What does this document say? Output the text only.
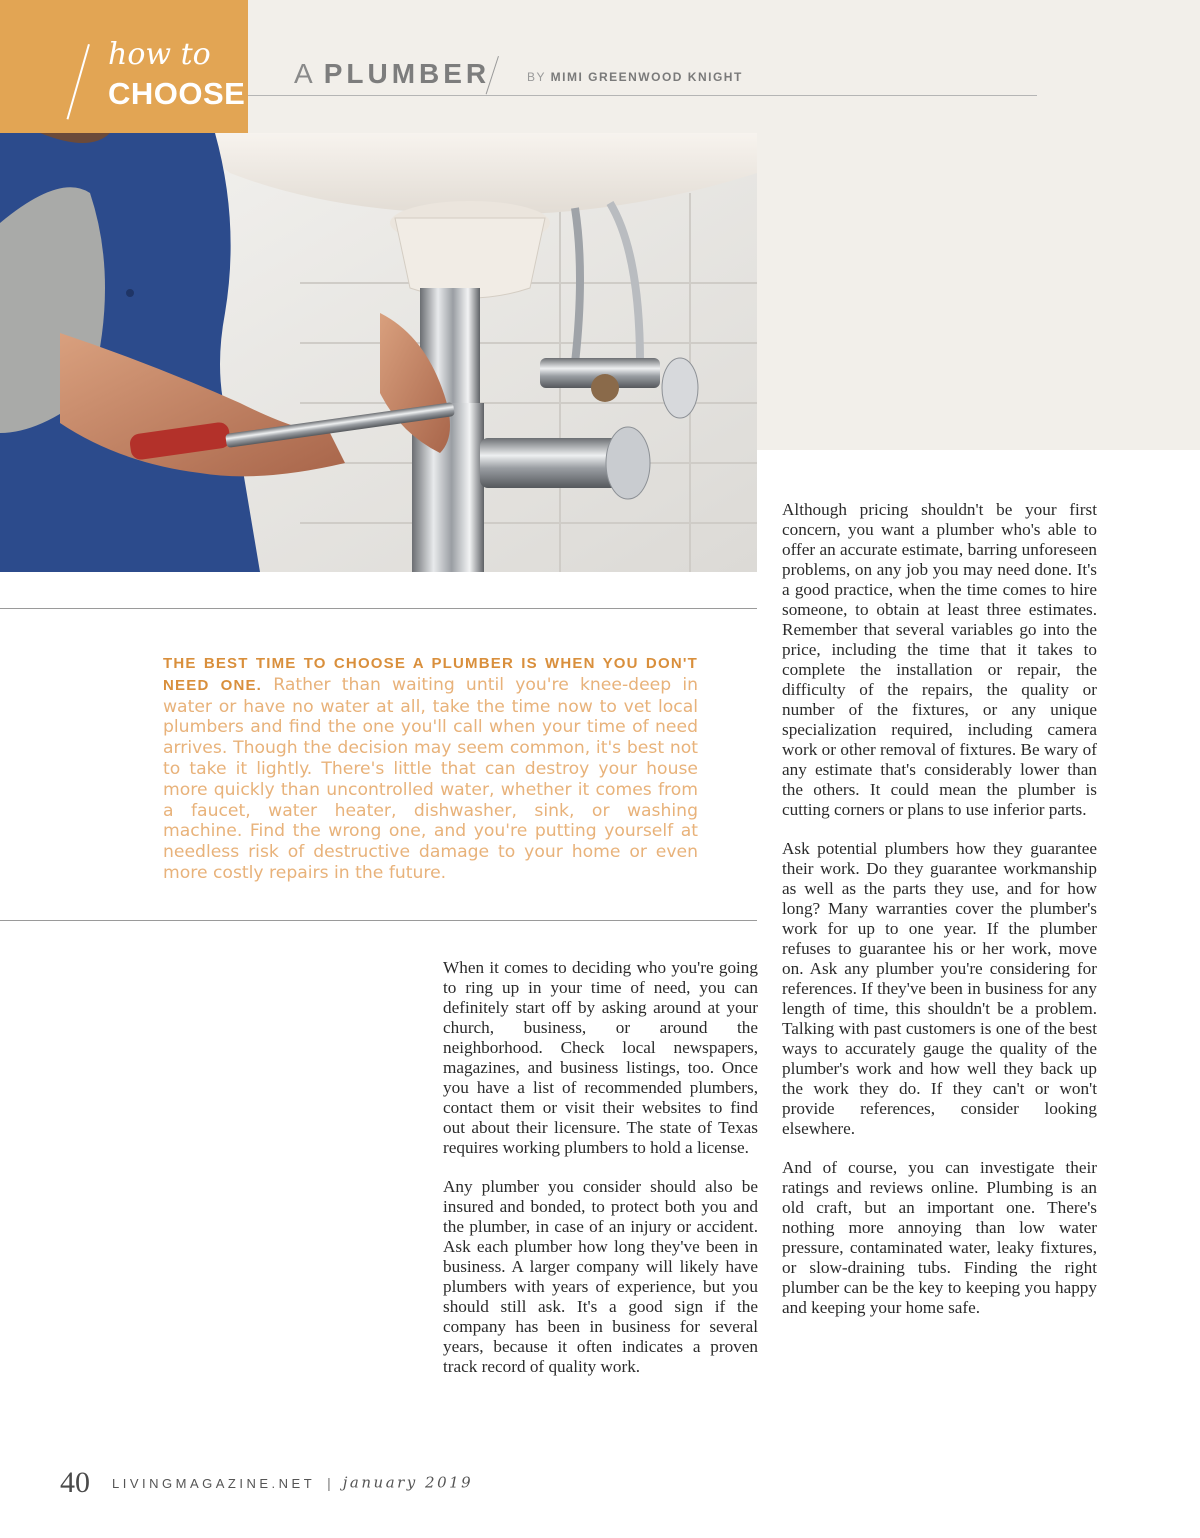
how to
CHOOSE
A PLUMBER	BY MIMI GREENWOOD KNIGHT
THE BEST TIME TO CHOOSE A PLUMBER IS WHEN YOU DON'T NEED ONE. Rather than waiting until you're knee-deep in water or have no water at all, take the time now to vet local plumbers and find the one you'll call when your time of need arrives. Though the decision may seem common, it's best not to take it lightly. There's little that can destroy your house more quickly than uncontrolled water, whether it comes from a faucet, water heater, dishwasher, sink, or washing machine. Find the wrong one, and you're putting yourself at needless risk of destructive damage to your home or even more costly repairs in the future.

When it comes to deciding who you're going to ring up in your time of need, you can definitely start off by asking around at your church, business, or around the neighborhood. Check local newspapers, magazines, and business listings, too. Once you have a list of recommended plumbers, contact them or visit their websites to find out about their licensure. The state of Texas requires working plumbers to hold a license.

Any plumber you consider should also be insured and bonded, to protect both you and the plumber, in case of an injury or accident. Ask each plumber how long they've been in business. A larger company will likely have plumbers with years of experience, but you should still ask. It's a good sign if the company has been in business for several years, because it often indicates a proven track record of quality work.

Although pricing shouldn't be your first concern, you want a plumber who's able to offer an accurate estimate, barring unforeseen problems, on any job you may need done. It's a good practice, when the time comes to hire someone, to obtain at least three estimates. Remember that several variables go into the price, including the time that it takes to complete the installation or repair, the difficulty of the repairs, the quality or number of the fixtures, or any unique specialization required, including camera work or other removal of fixtures. Be wary of any estimate that's considerably lower than the others. It could mean the plumber is cutting corners or plans to use inferior parts.

Ask potential plumbers how they guarantee their work. Do they guarantee workmanship as well as the parts they use, and for how long? Many warranties cover the plumber's work for up to one year. If the plumber refuses to guarantee his or her work, move on. Ask any plumber you're considering for references. If they've been in business for any length of time, this shouldn't be a problem. Talking with past customers is one of the best ways to accurately gauge the quality of the plumber's work and how well they back up the work they do. If they can't or won't provide references, consider looking elsewhere.

And of course, you can investigate their ratings and reviews online. Plumbing is an old craft, but an important one. There's nothing more annoying than low water pressure, contaminated water, leaky fixtures, or slow-draining tubs. Finding the right plumber can be the key to keeping you happy and keeping your home safe.

40 LIVINGMAGAZINE.NET | january 2019
